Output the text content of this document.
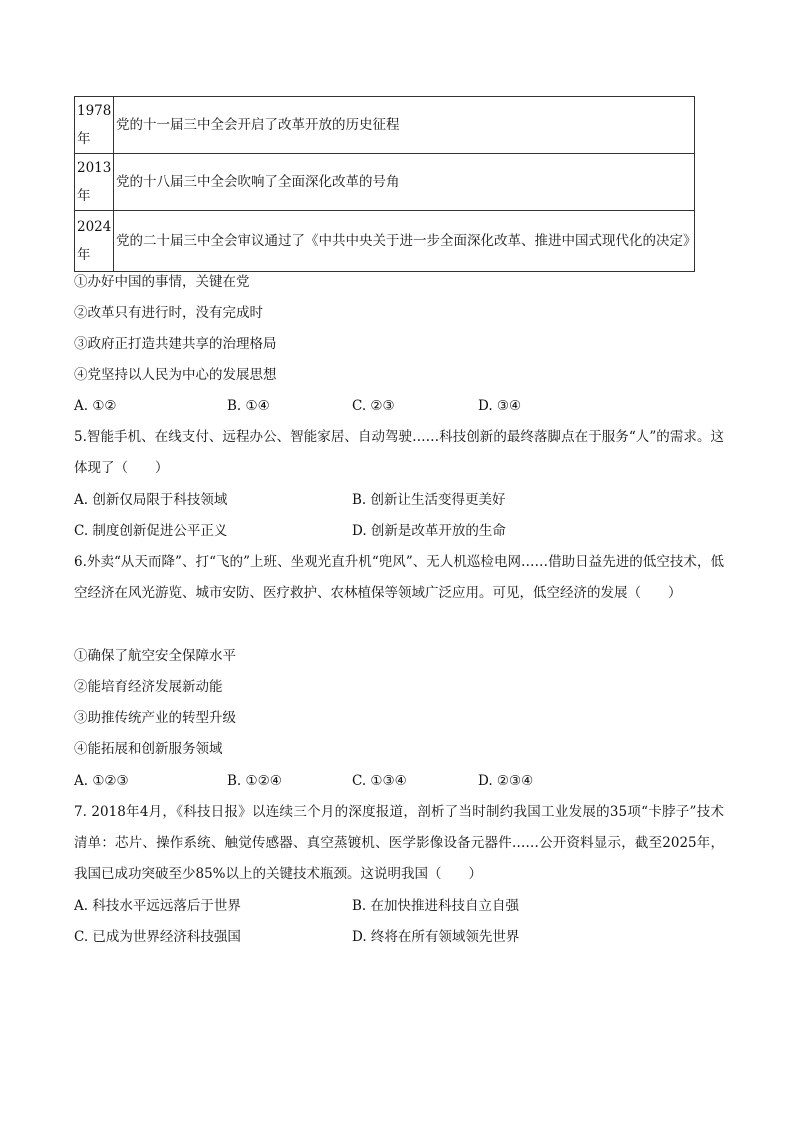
1978年	党的十一届三中全会开启了改革开放的历史征程
2013年	党的十八届三中全会吹响了全面深化改革的号角
2024年	党的二十届三中全会审议通过了《中共中央关于进一步全面深化改革、推进中国式现代化的决定》
①办好中国的事情，关键在党
②改革只有进行时，没有完成时
③政府正打造共建共享的治理格局
④党坚持以人民为中心的发展思想
A. ①②	B. ①④	C. ②③	D. ③④
5.智能手机、在线支付、远程办公、智能家居、自动驾驶……科技创新的最终落脚点在于服务“人”的需求。这体现了（　　）
A. 创新仅局限于科技领域	B. 创新让生活变得更美好
C. 制度创新促进公平正义	D. 创新是改革开放的生命
6.外卖“从天而降”、打“飞的”上班、坐观光直升机“兜风”、无人机巡检电网……借助日益先进的低空技术，低空经济在风光游览、城市安防、医疗救护、农林植保等领域广泛应用。可见，低空经济的发展（　　）
①确保了航空安全保障水平
②能培育经济发展新动能
③助推传统产业的转型升级
④能拓展和创新服务领域
A. ①②③	B. ①②④	C. ①③④	D. ②③④
7. 2018年4月，《科技日报》以连续三个月的深度报道，剖析了当时制约我国工业发展的35项“卡脖子”技术清单：芯片、操作系统、触觉传感器、真空蒸镀机、医学影像设备元器件……公开资料显示，截至2025年，我国已成功突破至少85%以上的关键技术瓶颈。这说明我国（　　）
A. 科技水平远远落后于世界	B. 在加快推进科技自立自强
C. 已成为世界经济科技强国	D. 终将在所有领域领先世界
